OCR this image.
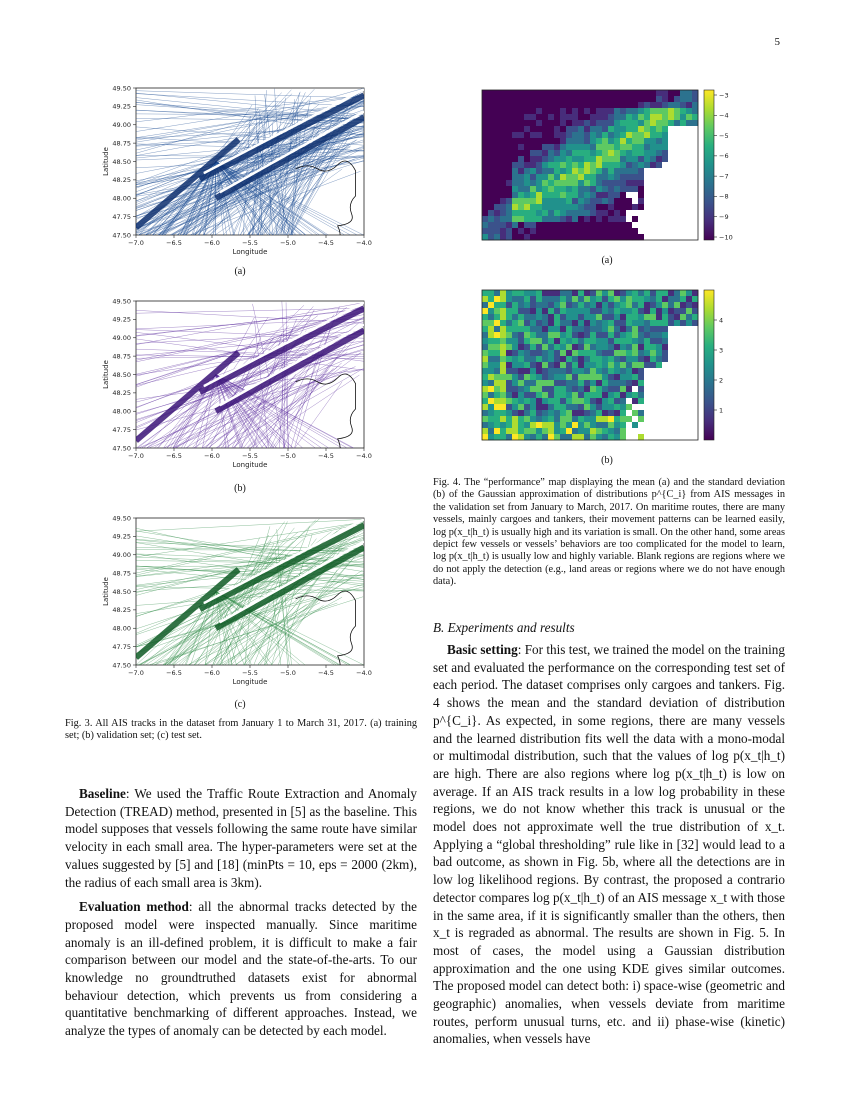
5
−7.0	−6.5	−6.0	−5.5	−5.0	−4.5	−4.0
49.50
49.25
49.00
48.75
48.50
48.25
48.00
47.75
47.50
Longitude
Latitude
(a)
−7.0	−6.5	−6.0	−5.5	−5.0	−4.5	−4.0
49.50
49.25
49.00
48.75
48.50
48.25
48.00
47.75
47.50
Longitude
Latitude
(b)
−7.0	−6.5	−6.0	−5.5	−5.0	−4.5	−4.0
49.50
49.25
49.00
48.75
48.50
48.25
48.00
47.75
47.50
Longitude
Latitude
(c)
Fig. 3. All AIS tracks in the dataset from January 1 to March 31, 2017. (a) training set; (b) validation set; (c) test set.
−3
−4
−5
−6
−7
−8
−9
−10
(a)
4
3
2
1
(b)
Fig. 4. The “performance” map displaying the mean (a) and the standard deviation (b) of the Gaussian approximation of distributions p^{C_i} from AIS messages in the validation set from January to March, 2017. On maritime routes, there are many vessels, mainly cargoes and tankers, their movement patterns can be learned easily, log p(x_t|h_t) is usually high and its variation is small. On the other hand, some areas depict few vessels or vessels’ behaviors are too complicated for the model to learn, log p(x_t|h_t) is usually low and highly variable. Blank regions are regions where we do not apply the detection (e.g., land areas or regions where we do not have enough data).

Baseline: We used the Traffic Route Extraction and Anomaly Detection (TREAD) method, presented in [5] as the baseline. This model supposes that vessels following the same route have similar velocity in each small area. The hyper-parameters were set at the values suggested by [5] and [18] (minPts = 10, eps = 2000 (2km), the radius of each small area is 3km).

Evaluation method: all the abnormal tracks detected by the proposed model were inspected manually. Since maritime anomaly is an ill-defined problem, it is difficult to make a fair comparison between our model and the state-of-the-arts. To our knowledge no groundtruthed datasets exist for abnormal behaviour detection, which prevents us from considering a quantitative benchmarking of different approaches. Instead, we analyze the types of anomaly can be detected by each model.

B. Experiments and results

Basic setting: For this test, we trained the model on the training set and evaluated the performance on the corresponding test set of each period. The dataset comprises only cargoes and tankers. Fig. 4 shows the mean and the standard deviation of distribution p^{C_i}. As expected, in some regions, there are many vessels and the learned distribution fits well the data with a mono-modal or multimodal distribution, such that the values of log p(x_t|h_t) are high. There are also regions where log p(x_t|h_t) is low on average. If an AIS track results in a low log probability in these regions, we do not know whether this track is unusual or the model does not approximate well the true distribution of x_t. Applying a “global thresholding” rule like in [32] would lead to a bad outcome, as shown in Fig. 5b, where all the detections are in low log likelihood regions. By contrast, the proposed a contrario detector compares log p(x_t|h_t) of an AIS message x_t with those in the same area, if it is significantly smaller than the others, then x_t is regraded as abnormal. The results are shown in Fig. 5. In most of cases, the model using a Gaussian distribution approximation and the one using KDE gives similar outcomes. The proposed model can detect both: i) space-wise (geometric and geographic) anomalies, when vessels deviate from maritime routes, perform unusual turns, etc. and ii) phase-wise (kinetic) anomalies, when vessels have
